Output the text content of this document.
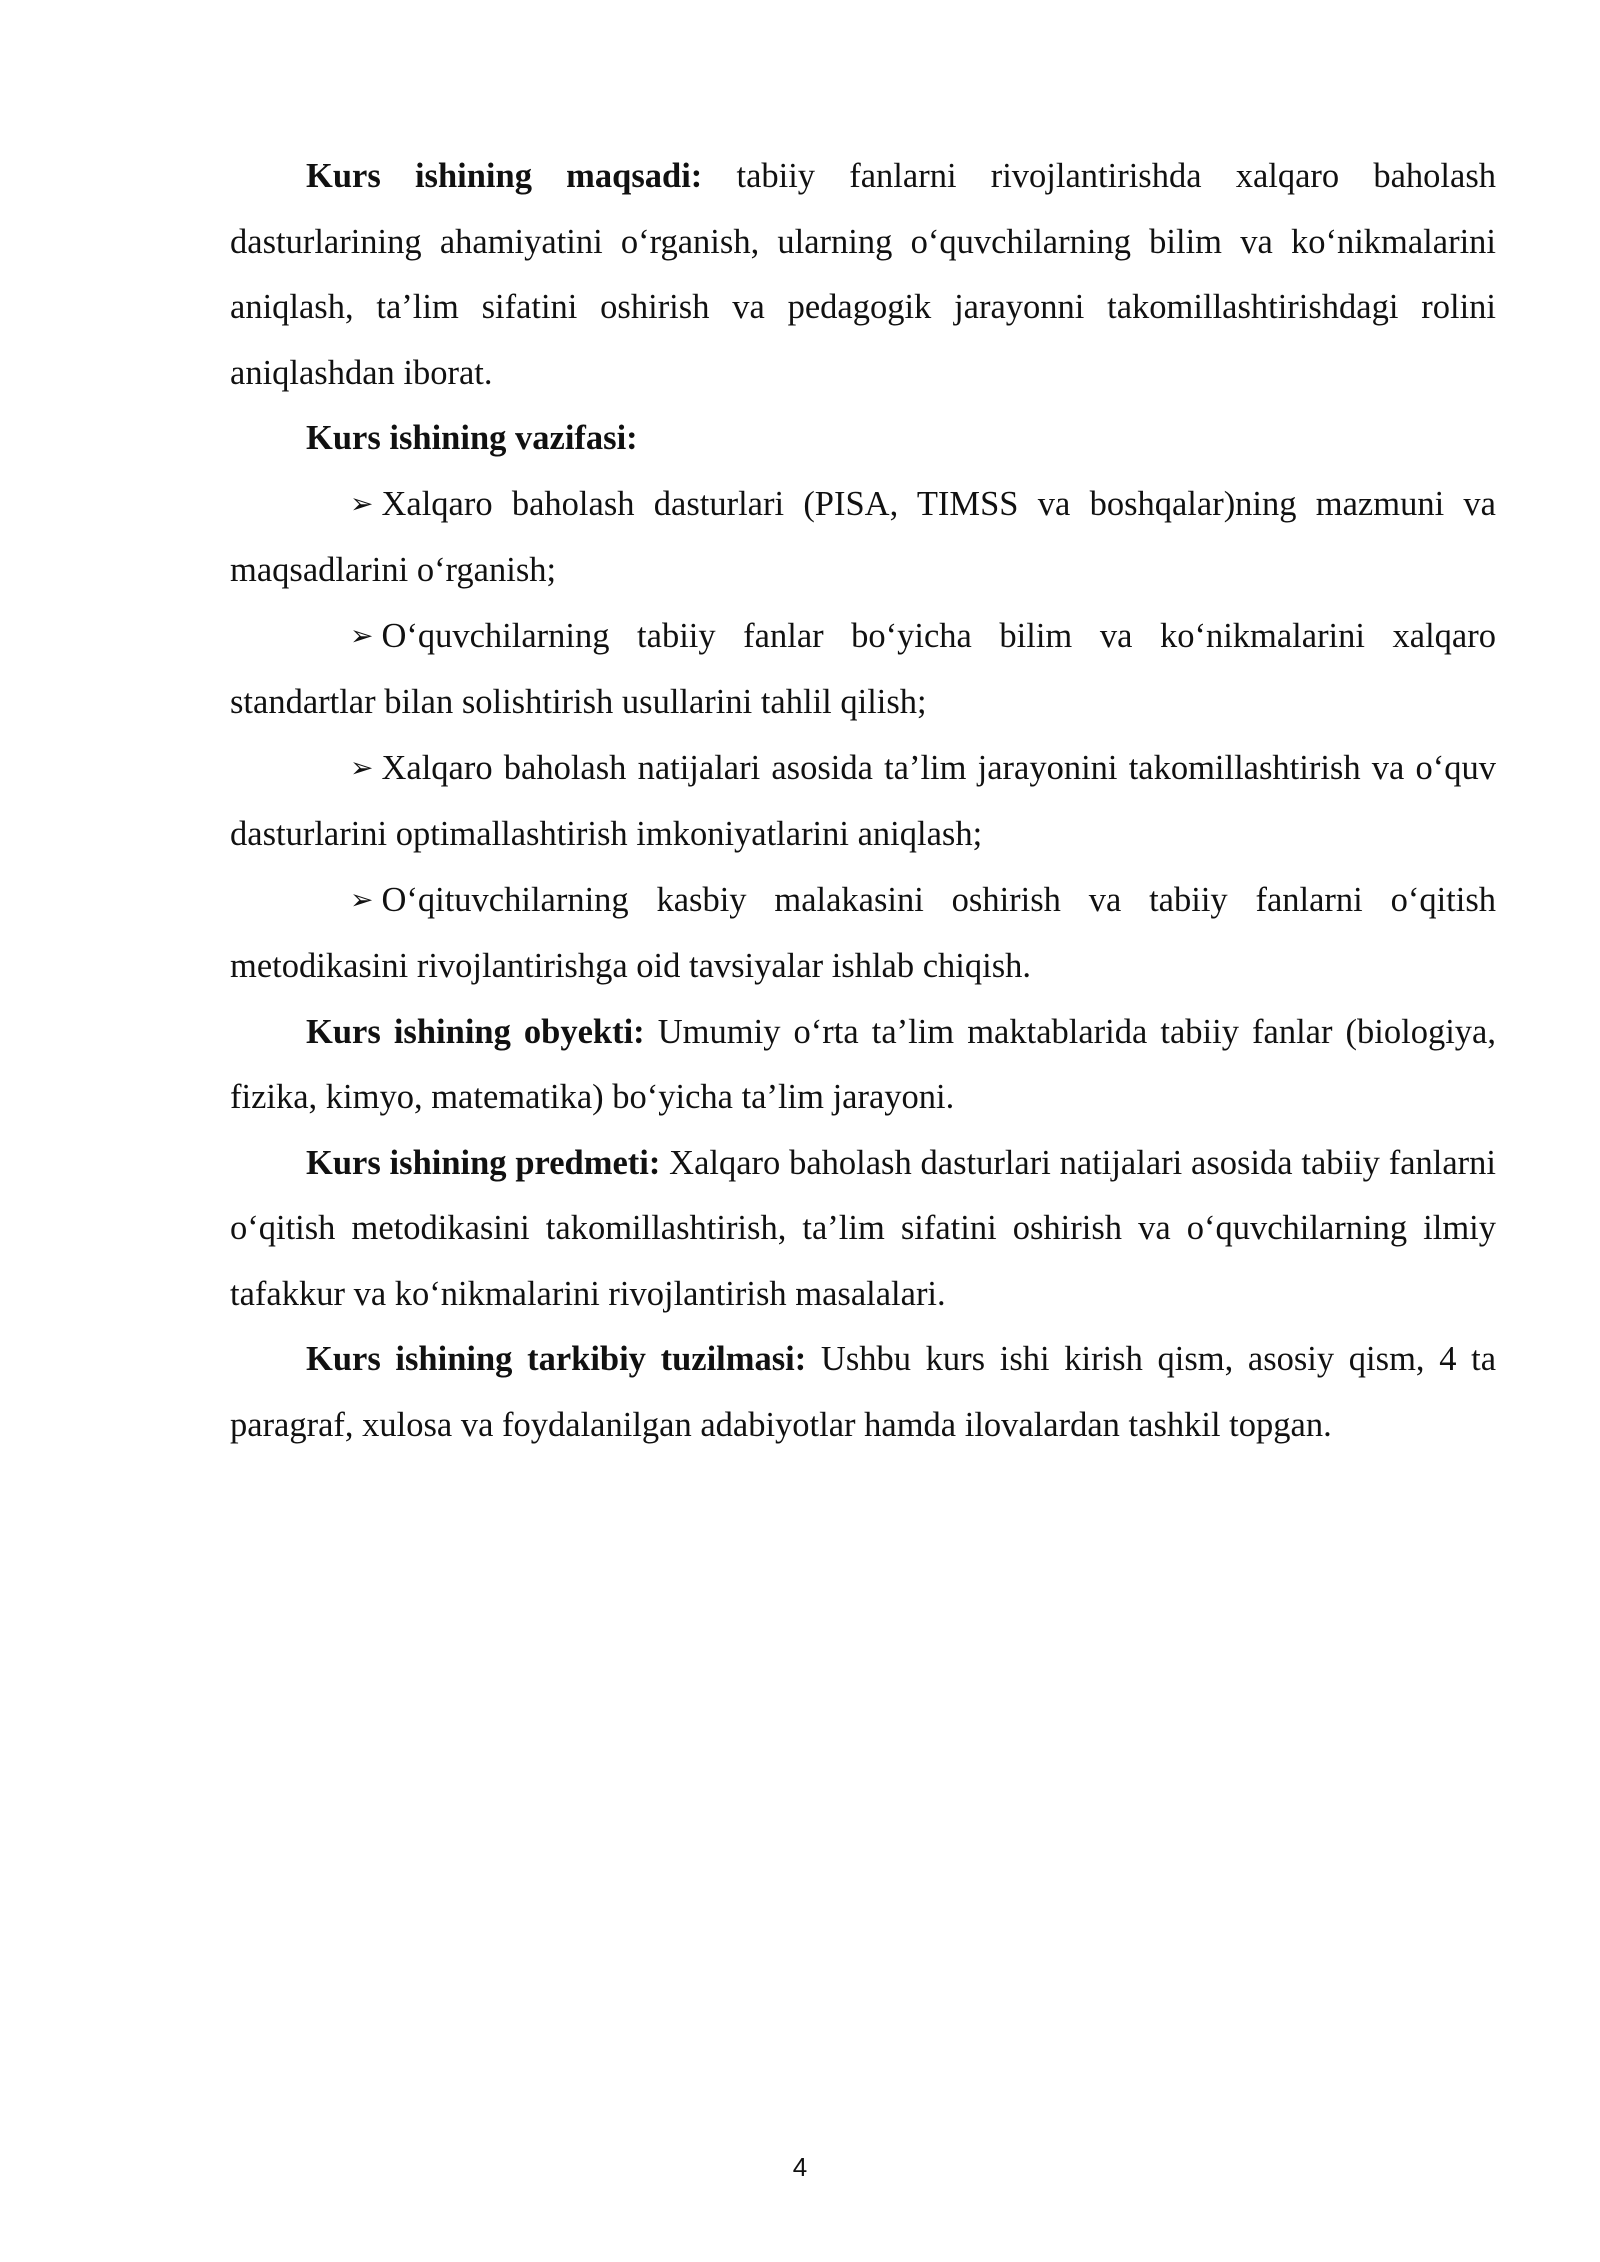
Kurs ishining maqsadi: tabiiy fanlarni rivojlantirishda xalqaro baholash dasturlarining ahamiyatini o‘rganish, ularning o‘quvchilarning bilim va ko‘nikmalarini aniqlash, ta’lim sifatini oshirish va pedagogik jarayonni takomillashtirishdagi rolini aniqlashdan iborat.

Kurs ishining vazifasi:

➢ Xalqaro baholash dasturlari (PISA, TIMSS va boshqalar)ning mazmuni va maqsadlarini o‘rganish;

➢ O‘quvchilarning tabiiy fanlar bo‘yicha bilim va ko‘nikmalarini xalqaro standartlar bilan solishtirish usullarini tahlil qilish;

➢ Xalqaro baholash natijalari asosida ta’lim jarayonini takomillashtirish va o‘quv dasturlarini optimallashtirish imkoniyatlarini aniqlash;

➢ O‘qituvchilarning kasbiy malakasini oshirish va tabiiy fanlarni o‘qitish metodikasini rivojlantirishga oid tavsiyalar ishlab chiqish.

Kurs ishining obyekti: Umumiy o‘rta ta’lim maktablarida tabiiy fanlar (biologiya, fizika, kimyo, matematika) bo‘yicha ta’lim jarayoni.

Kurs ishining predmeti: Xalqaro baholash dasturlari natijalari asosida tabiiy fanlarni o‘qitish metodikasini takomillashtirish, ta’lim sifatini oshirish va o‘quvchilarning ilmiy tafakkur va ko‘nikmalarini rivojlantirish masalalari.

Kurs ishining tarkibiy tuzilmasi: Ushbu kurs ishi kirish qism, asosiy qism, 4 ta paragraf, xulosa va foydalanilgan adabiyotlar hamda ilovalardan tashkil topgan.

4
